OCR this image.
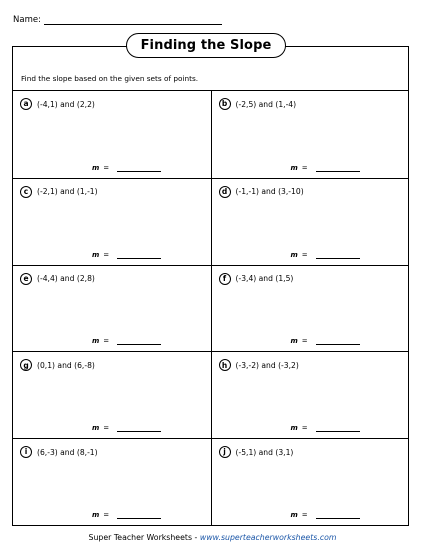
Name:
Finding the Slope
Find the slope based on the given sets of points.
a	(-4,1) and (2,2)
m =
b	(-2,5) and (1,-4)
m =
c	(-2,1) and (1,-1)
m =
d	(-1,-1) and (3,-10)
m =
e	(-4,4) and (2,8)
m =
f	(-3,4) and (1,5)
m =
g	(0,1) and (6,-8)
m =
h	(-3,-2) and (-3,2)
m =
i	(6,-3) and (8,-1)
m =
j	(-5,1) and (3,1)
m =
Super Teacher Worksheets - www.superteacherworksheets.com
